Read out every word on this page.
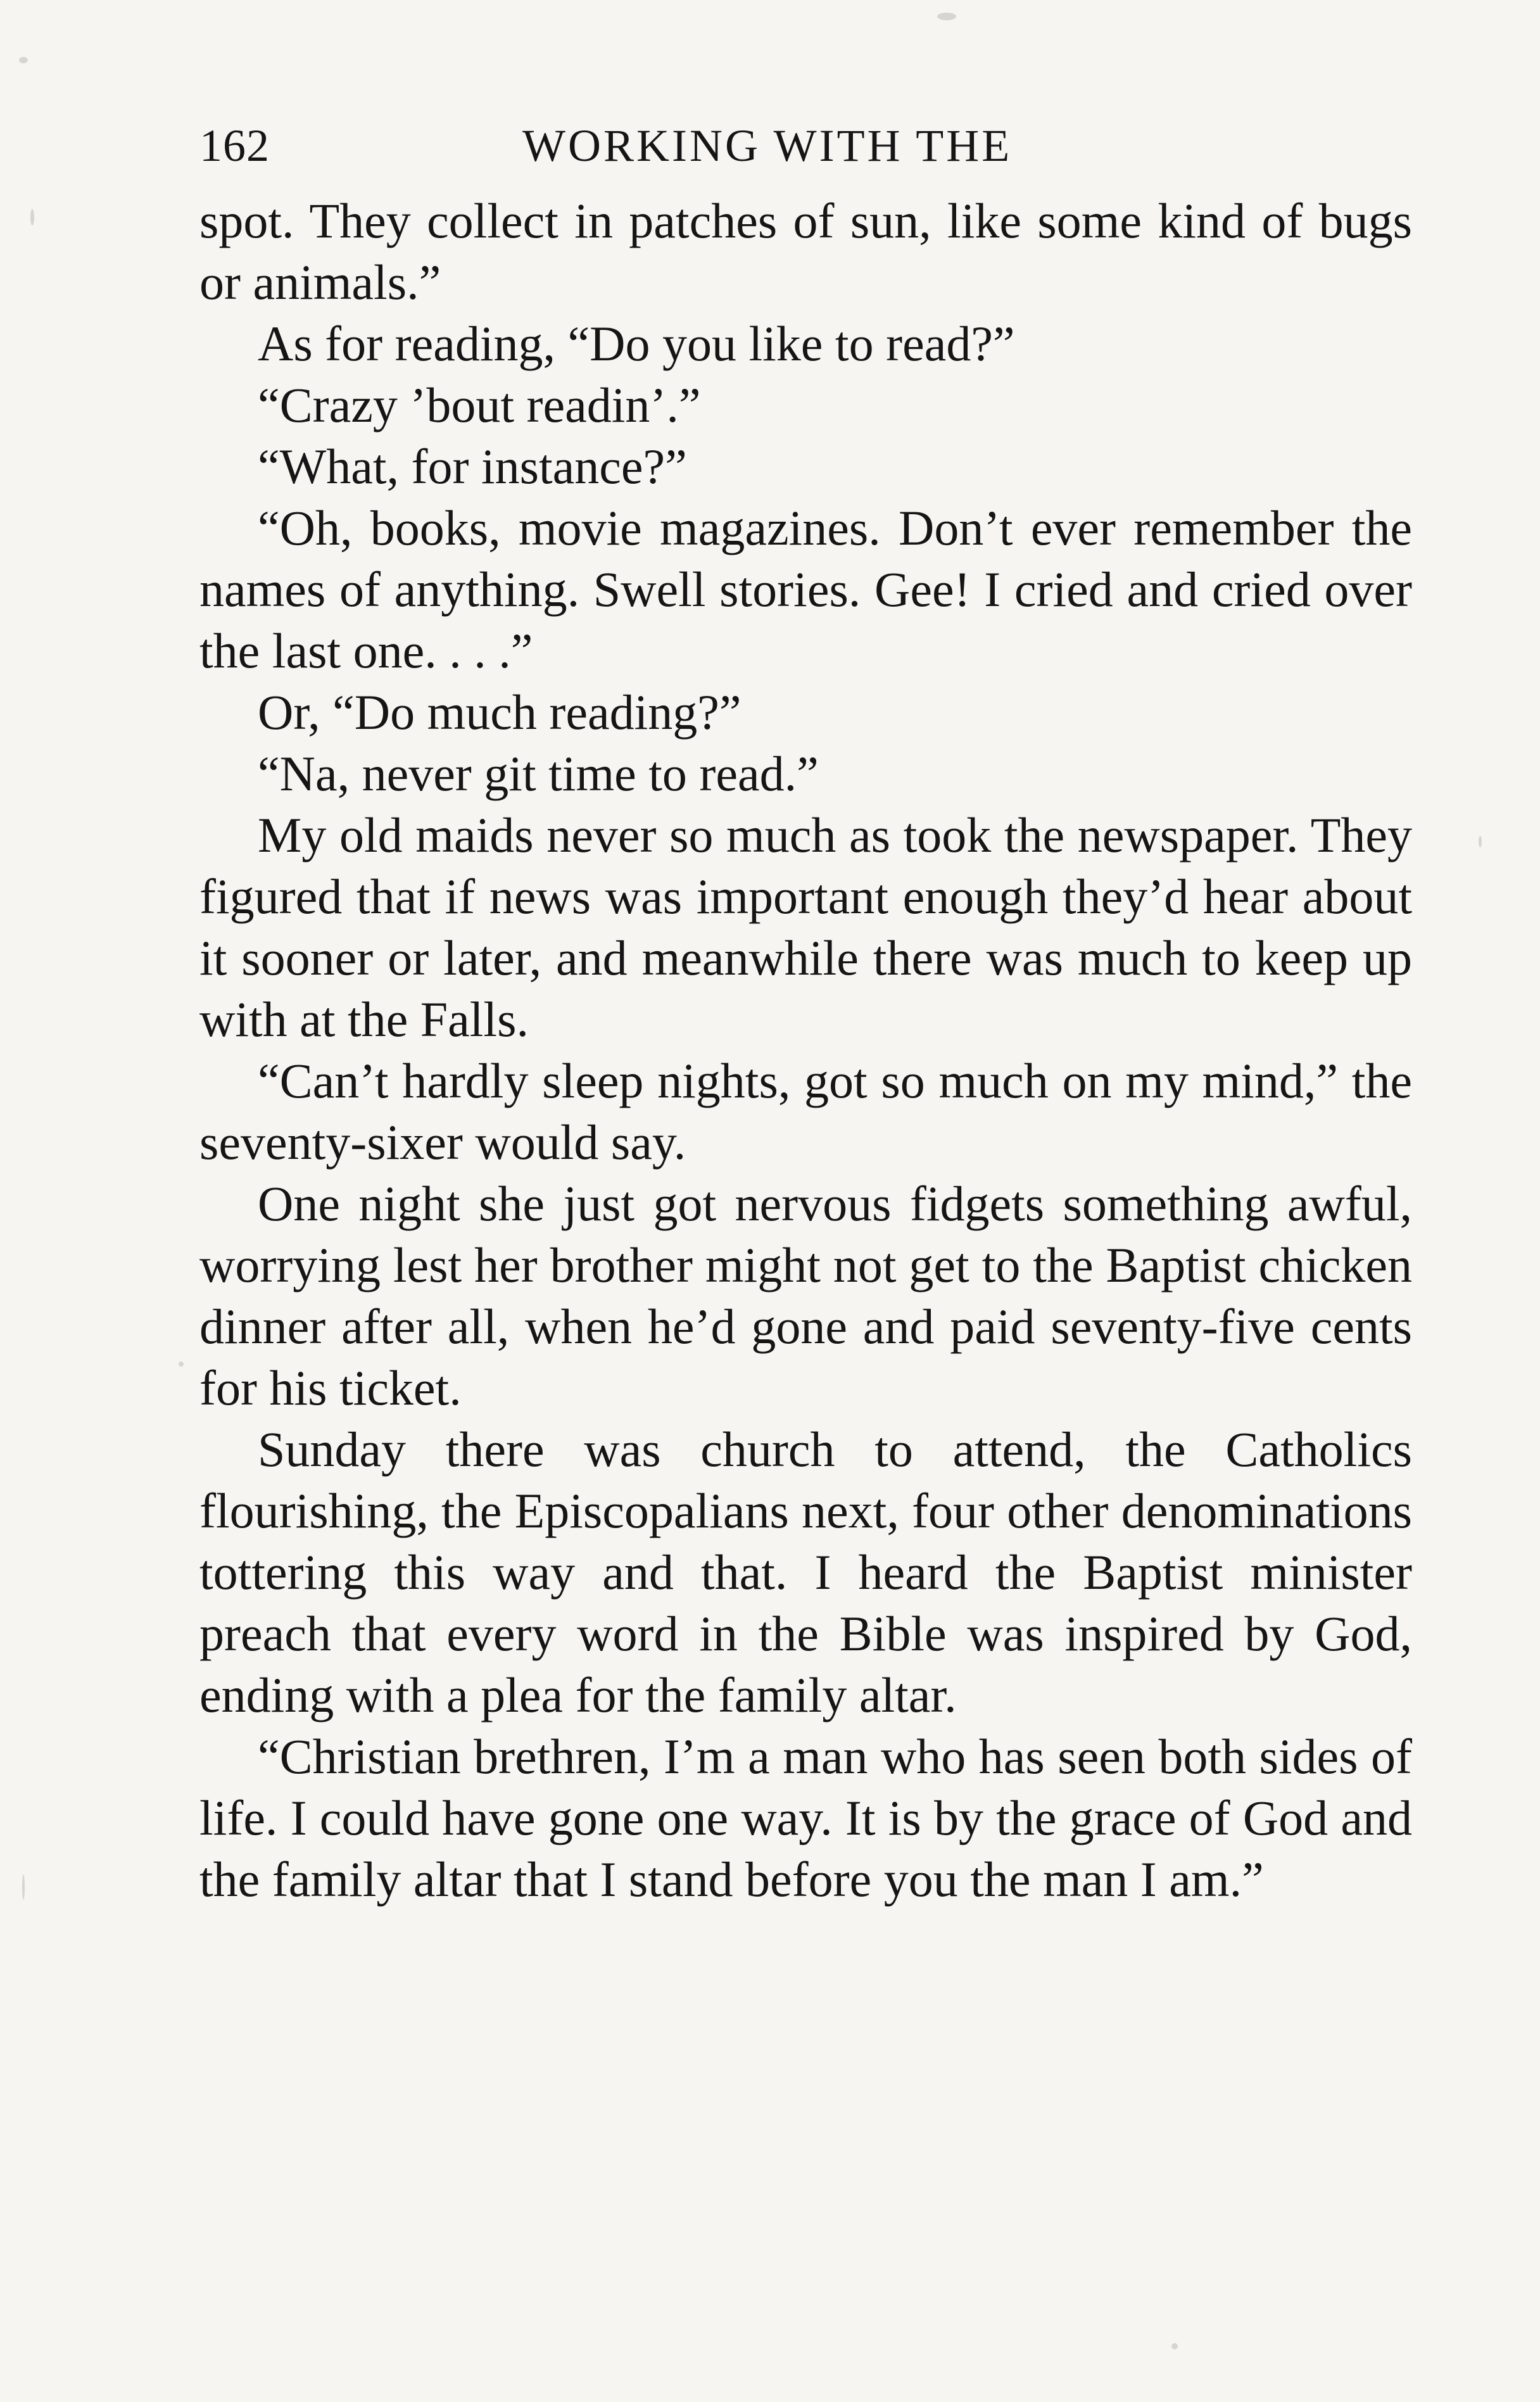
162	WORKING WITH THE

spot. They collect in patches of sun, like some kind of bugs or animals.”

As for reading, “Do you like to read?”

“Crazy ’bout readin’.”

“What, for instance?”

“Oh, books, movie magazines. Don’t ever remember the names of anything. Swell stories. Gee! I cried and cried over the last one. . . .”

Or, “Do much reading?”

“Na, never git time to read.”

My old maids never so much as took the newspaper. They figured that if news was important enough they’d hear about it sooner or later, and meanwhile there was much to keep up with at the Falls.

“Can’t hardly sleep nights, got so much on my mind,” the seventy-sixer would say.

One night she just got nervous fidgets something awful, worrying lest her brother might not get to the Baptist chicken dinner after all, when he’d gone and paid seventy-five cents for his ticket.

Sunday there was church to attend, the Catholics flourishing, the Episcopalians next, four other denominations tottering this way and that. I heard the Baptist minister preach that every word in the Bible was inspired by God, ending with a plea for the family altar.

“Christian brethren, I’m a man who has seen both sides of life. I could have gone one way. It is by the grace of God and the family altar that I stand before you the man I am.”
